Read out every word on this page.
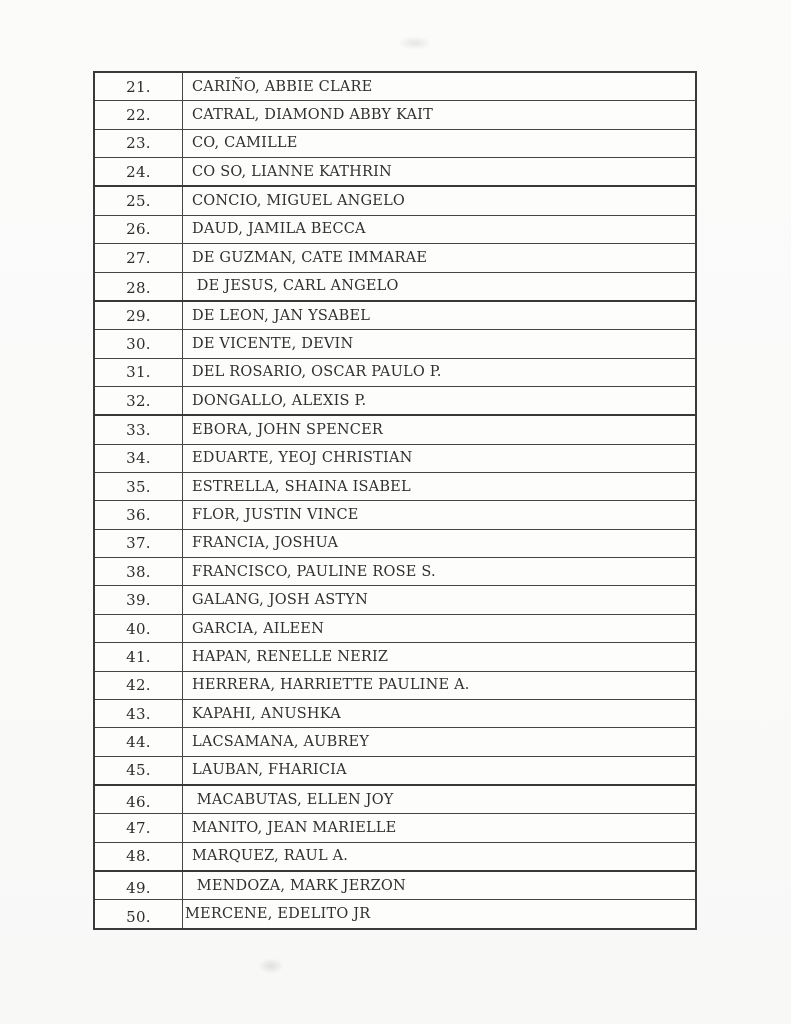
21.	CARIÑO, ABBIE CLARE
22.	CATRAL, DIAMOND ABBY KAIT
23.	CO, CAMILLE
24.	CO SO, LIANNE KATHRIN
25.	CONCIO, MIGUEL ANGELO
26.	DAUD, JAMILA BECCA
27.	DE GUZMAN, CATE IMMARAE
28.	DE JESUS, CARL ANGELO
29.	DE LEON, JAN YSABEL
30.	DE VICENTE, DEVIN
31.	DEL ROSARIO, OSCAR PAULO P.
32.	DONGALLO, ALEXIS P.
33.	EBORA, JOHN SPENCER
34.	EDUARTE, YEOJ CHRISTIAN
35.	ESTRELLA, SHAINA ISABEL
36.	FLOR, JUSTIN VINCE
37.	FRANCIA, JOSHUA
38.	FRANCISCO, PAULINE ROSE S.
39.	GALANG, JOSH ASTYN
40.	GARCIA, AILEEN
41.	HAPAN, RENELLE NERIZ
42.	HERRERA, HARRIETTE PAULINE A.
43.	KAPAHI, ANUSHKA
44.	LACSAMANA, AUBREY
45.	LAUBAN, FHARICIA
46.	MACABUTAS, ELLEN JOY
47.	MANITO, JEAN MARIELLE
48.	MARQUEZ, RAUL A.
49.	MENDOZA, MARK JERZON
50.	MERCENE, EDELITO JR
